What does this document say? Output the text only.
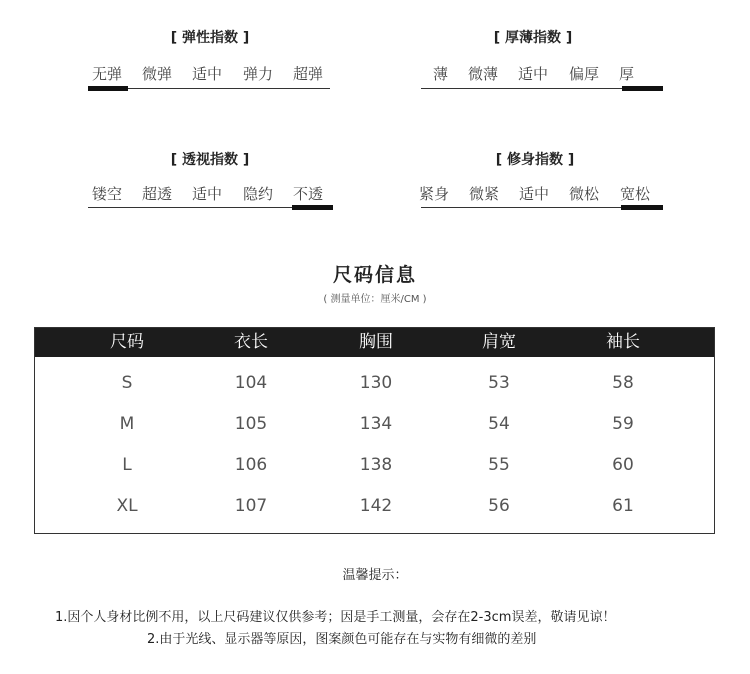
[ 弹性指数 ]
无弹 微弹 适中 弹力 超弹
[ 厚薄指数 ]
薄 微薄 适中 偏厚 厚
[ 透视指数 ]
镂空 超透 适中 隐约 不透
[ 修身指数 ]
紧身 微紧 适中 微松 宽松
尺码信息
( 测量单位：厘米/CM )
尺码	衣长	胸围	肩宽	袖长
S	104	130	53	58
M	105	134	54	59
L	106	138	55	60
XL	107	142	56	61
温馨提示：
1.因个人身材比例不用，以上尺码建议仅供参考；因是手工测量，会存在2-3cm误差，敬请见谅！
2.由于光线、显示器等原因，图案颜色可能存在与实物有细微的差别
